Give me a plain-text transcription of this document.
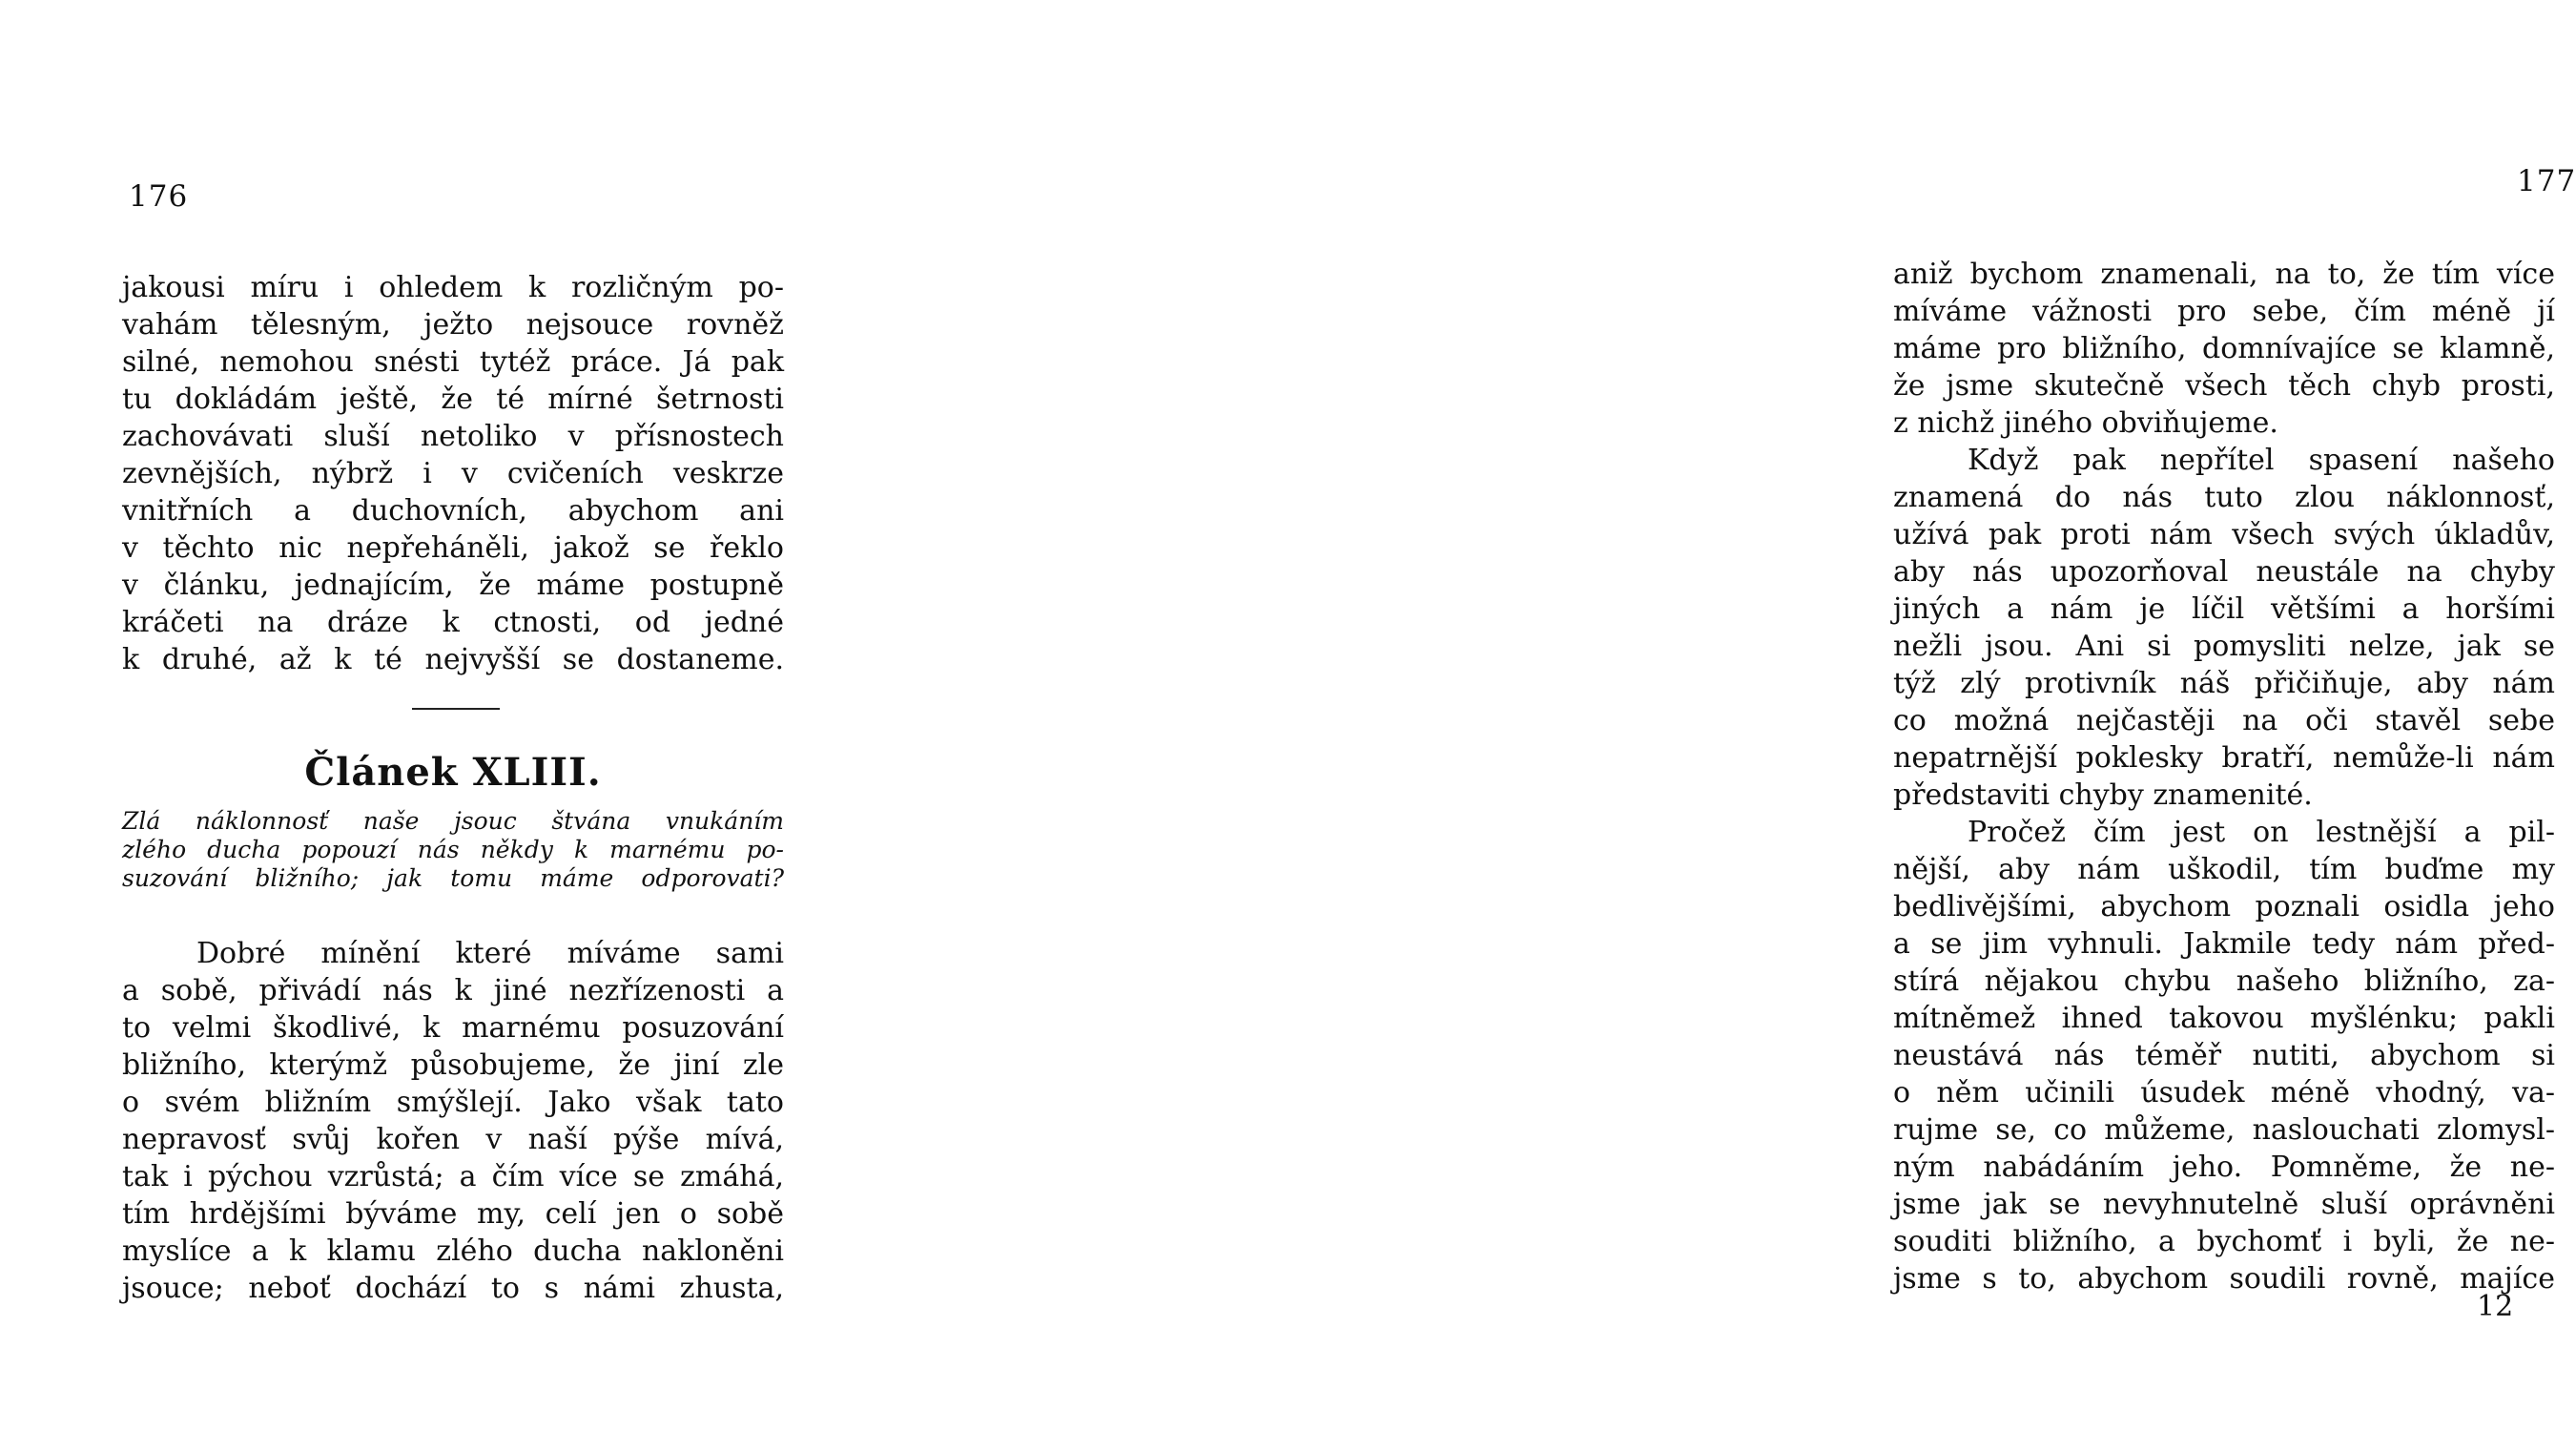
176
jakousi míru i ohledem k rozličným po-
vahám tělesným, ježto nejsouce rovněž
silné, nemohou snésti tytéž práce. Já pak
tu dokládám ještě, že té mírné šetrnosti
zachovávati sluší netoliko v přísnostech
zevnějších, nýbrž i v cvičeních veskrze
vnitřních a duchovních, abychom ani
v těchto nic nepřeháněli, jakož se řeklo
v článku, jednajícím, že máme postupně
kráčeti na dráze k ctnosti, od jedné
k druhé, až k té nejvyšší se dostaneme.
Článek XLIII.
Zlá náklonnosť naše jsouc štvána vnukáním
zlého ducha popouzí nás někdy k marnému po-
suzování bližního; jak tomu máme odporovati?
Dobré mínění které míváme sami
a sobě, přivádí nás k jiné nezřízenosti a
to velmi škodlivé, k marnému posuzování
bližního, kterýmž působujeme, že jiní zle
o svém bližním smýšlejí. Jako však tato
nepravosť svůj kořen v naší pýše mívá,
tak i pýchou vzrůstá; a čím více se zmáhá,
tím hrdějšími býváme my, celí jen o sobě
myslíce a k klamu zlého ducha nakloněni
jsouce; neboť dochází to s námi zhusta,
177
aniž bychom znamenali, na to, že tím více
míváme vážnosti pro sebe, čím méně jí
máme pro bližního, domnívajíce se klamně,
že jsme skutečně všech těch chyb prosti,
z nichž jiného obviňujeme.
Když pak nepřítel spasení našeho
znamená do nás tuto zlou náklonnosť,
užívá pak proti nám všech svých úkladův,
aby nás upozorňoval neustále na chyby
jiných a nám je líčil většími a horšími
nežli jsou. Ani si pomysliti nelze, jak se
týž zlý protivník náš přičiňuje, aby nám
co možná nejčastěji na oči stavěl sebe
nepatrnější poklesky bratří, nemůže-li nám
představiti chyby znamenité.
Pročež čím jest on lestnější a pil-
nější, aby nám uškodil, tím buďme my
bedlivějšími, abychom poznali osidla jeho
a se jim vyhnuli. Jakmile tedy nám před-
stírá nějakou chybu našeho bližního, za-
mítněmež ihned takovou myšlénku; pakli
neustává nás téměř nutiti, abychom si
o něm učinili úsudek méně vhodný, va-
rujme se, co můžeme, naslouchati zlomysl-
ným nabádáním jeho. Pomněme, že ne-
jsme jak se nevyhnutelně sluší oprávněni
souditi bližního, a bychomť i byli, že ne-
jsme s to, abychom soudili rovně, majíce
12
